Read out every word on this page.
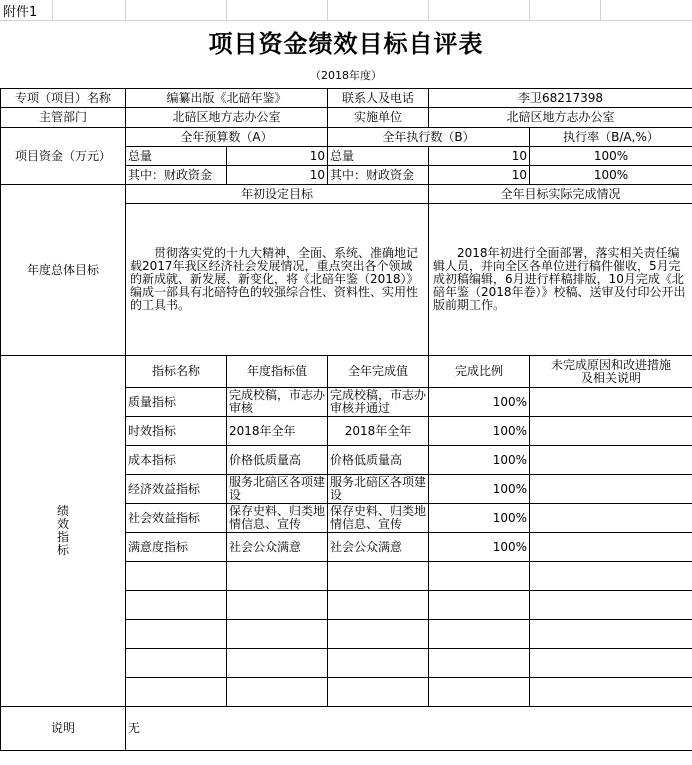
附件1
项目资金绩效目标自评表
（2018年度）
专项（项目）名称	编纂出版《北碚年鉴》		联系人及电话	李卫68217398	
主管部门	北碚区地方志办公室		实施单位	北碚区地方志办公室	
项目资金（万元）	全年预算数（A）		全年执行数（B）		执行率（B/A,%）
	总量	10	总量	10	100%
	其中：财政资金	10	其中：财政资金	10	100%
年度总体目标	年初设定目标			全年目标实际完成情况	
	贯彻落实党的十九大精神，全面、系统、准确地记载2017年我区经济社会发展情况，重点突出各个领域的新成就、新发展、新变化，将《北碚年鉴（2018）》编成一部具有北碚特色的较强综合性、资料性、实用性的工具书。			2018年初进行全面部署，落实相关责任编辑人员，并向全区各单位进行稿件催收，5月完成初稿编辑，6月进行样稿排版，10月完成《北碚年鉴（2018年卷）》校稿、送审及付印公开出版前期工作。	

绩
效
指
标	指标名称	年度指标值	全年完成值	完成比例	未完成原因和改进措施
及相关说明

	质量指标	完成校稿，市志办审核	完成校稿，市志办审核并通过	100%	
	时效指标	2018年全年	2018年全年	100%	
	成本指标	价格低质量高	价格低质量高	100%	
	经济效益指标	服务北碚区各项建设	服务北碚区各项建设	100%	
	社会效益指标	保存史料、归类地情信息、宣传	保存史料、归类地情信息、宣传	100%	
	满意度指标	社会公众满意	社会公众满意	100%	

说明	无				
